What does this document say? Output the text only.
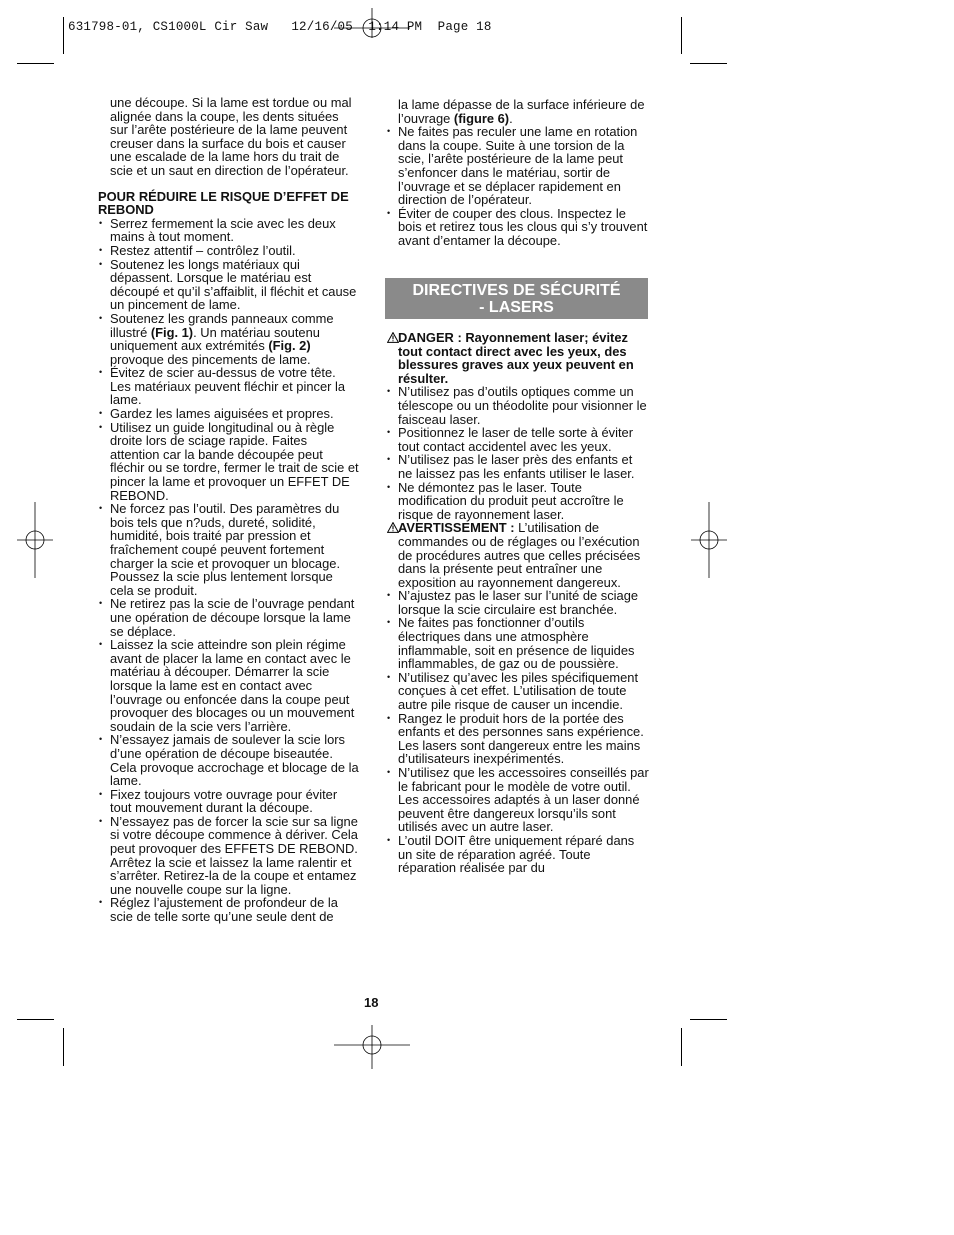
631798-01, CS1000L Cir Saw   12/16/05  1:14 PM  Page 18

une découpe. Si la lame est tordue ou mal alignée dans la coupe, les dents situées sur l’arête postérieure de la lame peuvent creuser dans la surface du bois et causer une escalade de la lame hors du trait de scie et un saut en direction de l’opérateur.

POUR RÉDUIRE LE RISQUE D’EFFET DE REBOND

• Serrez fermement la scie avec les deux mains à tout moment.
• Restez attentif – contrôlez l’outil.
• Soutenez les longs matériaux qui dépassent. Lorsque le matériau est découpé et qu’il s’affaiblit, il fléchit et cause un pincement de lame.
• Soutenez les grands panneaux comme illustré (Fig. 1). Un matériau soutenu uniquement aux extrémités (Fig. 2) provoque des pincements de lame.
• Évitez de scier au-dessus de votre tête. Les matériaux peuvent fléchir et pincer la lame.
• Gardez les lames aiguisées et propres.
• Utilisez un guide longitudinal ou à règle droite lors de sciage rapide. Faites attention car la bande découpée peut fléchir ou se tordre, fermer le trait de scie et pincer la lame et provoquer un EFFET DE REBOND.
• Ne forcez pas l’outil. Des paramètres du bois tels que n?uds, dureté, solidité, humidité, bois traité par pression et fraîchement coupé peuvent fortement charger la scie et provoquer un blocage. Poussez la scie plus lentement lorsque cela se produit.
• Ne retirez pas la scie de l’ouvrage pendant une opération de découpe lorsque la lame se déplace.
• Laissez la scie atteindre son plein régime avant de placer la lame en contact avec le matériau à découper. Démarrer la scie lorsque la lame est en contact avec l’ouvrage ou enfoncée dans la coupe peut provoquer des blocages ou un mouvement soudain de la scie vers l’arrière.
• N’essayez jamais de soulever la scie lors d’une opération de découpe biseautée. Cela provoque accrochage et blocage de la lame.
• Fixez toujours votre ouvrage pour éviter tout mouvement durant la découpe.
• N’essayez pas de forcer la scie sur sa ligne si votre découpe commence à dériver. Cela peut provoquer des EFFETS DE REBOND. Arrêtez la scie et laissez la lame ralentir et s’arrêter. Retirez-la de la coupe et entamez une nouvelle coupe sur la ligne.
• Réglez l’ajustement de profondeur de la scie de telle sorte qu’une seule dent de

la lame dépasse de la surface inférieure de l’ouvrage (figure 6).

• Ne faites pas reculer une lame en rotation dans la coupe. Suite à une torsion de la scie, l’arête postérieure de la lame peut s’enfoncer dans le matériau, sortir de l’ouvrage et se déplacer rapidement en direction de l’opérateur.
• Éviter de couper des clous. Inspectez le bois et retirez tous les clous qui s’y trouvent avant d’entamer la découpe.
DIRECTIVES DE SÉCURITÉ
- LASERS

DANGER : Rayonnement laser; évitez tout contact direct avec les yeux, des blessures graves aux yeux peuvent en résulter.

• N’utilisez pas d’outils optiques comme un télescope ou un théodolite pour visionner le faisceau laser.
• Positionnez le laser de telle sorte à éviter tout contact accidentel avec les yeux.
• N’utilisez pas le laser près des enfants et ne laissez pas les enfants utiliser le laser.
• Ne démontez pas le laser. Toute modification du produit peut accroître le risque de rayonnement laser.

AVERTISSEMENT : L’utilisation de commandes ou de réglages ou l’exécution de procédures autres que celles précisées dans la présente peut entraîner une exposition au rayonnement dangereux.

• N’ajustez pas le laser sur l’unité de sciage lorsque la scie circulaire est branchée.
• Ne faites pas fonctionner d’outils électriques dans une atmosphère inflammable, soit en présence de liquides inflammables, de gaz ou de poussière.
• N’utilisez qu’avec les piles spécifiquement conçues à cet effet. L’utilisation de toute autre pile risque de causer un incendie.
• Rangez le produit hors de la portée des enfants et des personnes sans expérience. Les lasers sont dangereux entre les mains d’utilisateurs inexpérimentés.
• N’utilisez que les accessoires conseillés par le fabricant pour le modèle de votre outil. Les accessoires adaptés à un laser donné peuvent être dangereux lorsqu’ils sont utilisés avec un autre laser.
• L’outil DOIT être uniquement réparé dans un site de réparation agréé. Toute réparation réalisée par du
18
